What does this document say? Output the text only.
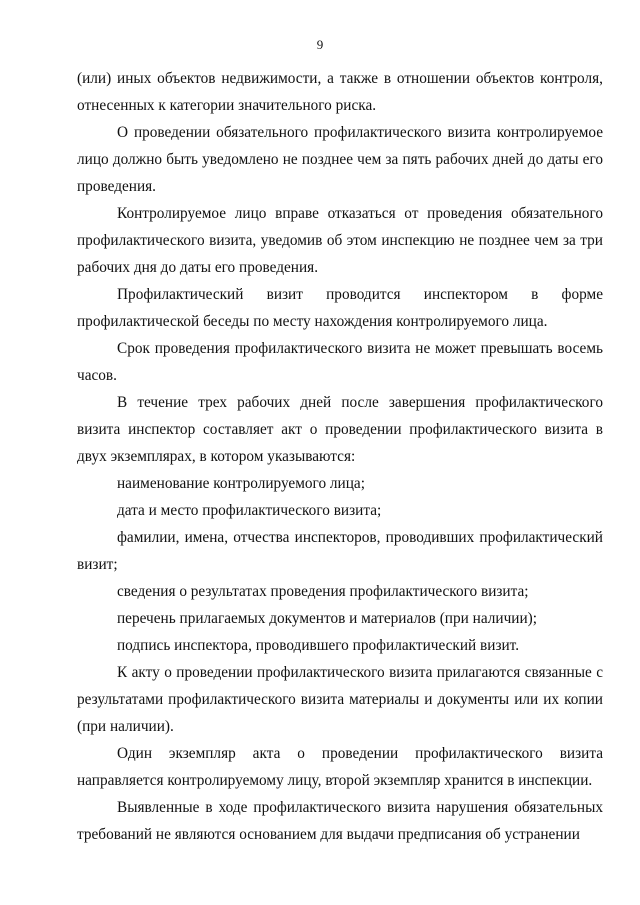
9

(или) иных объектов недвижимости, а также в отношении объектов контроля, отнесенных к категории значительного риска.

О проведении обязательного профилактического визита контролируемое лицо должно быть уведомлено не позднее чем за пять рабочих дней до даты его проведения.

Контролируемое лицо вправе отказаться от проведения обязательного профилактического визита, уведомив об этом инспекцию не позднее чем за три рабочих дня до даты его проведения.

Профилактический визит проводится инспектором в форме профилактической беседы по месту нахождения контролируемого лица.

Срок проведения профилактического визита не может превышать восемь часов.

В течение трех рабочих дней после завершения профилактического визита инспектор составляет акт о проведении профилактического визита в двух экземплярах, в котором указываются:

наименование контролируемого лица;

дата и место профилактического визита;

фамилии, имена, отчества инспекторов, проводивших профилактический визит;

сведения о результатах проведения профилактического визита;

перечень прилагаемых документов и материалов (при наличии);

подпись инспектора, проводившего профилактический визит.

К акту о проведении профилактического визита прилагаются связанные с результатами профилактического визита материалы и документы или их копии (при наличии).

Один экземпляр акта о проведении профилактического визита направляется контролируемому лицу, второй экземпляр хранится в инспекции.

Выявленные в ходе профилактического визита нарушения обязательных требований не являются основанием для выдачи предписания об устранении
